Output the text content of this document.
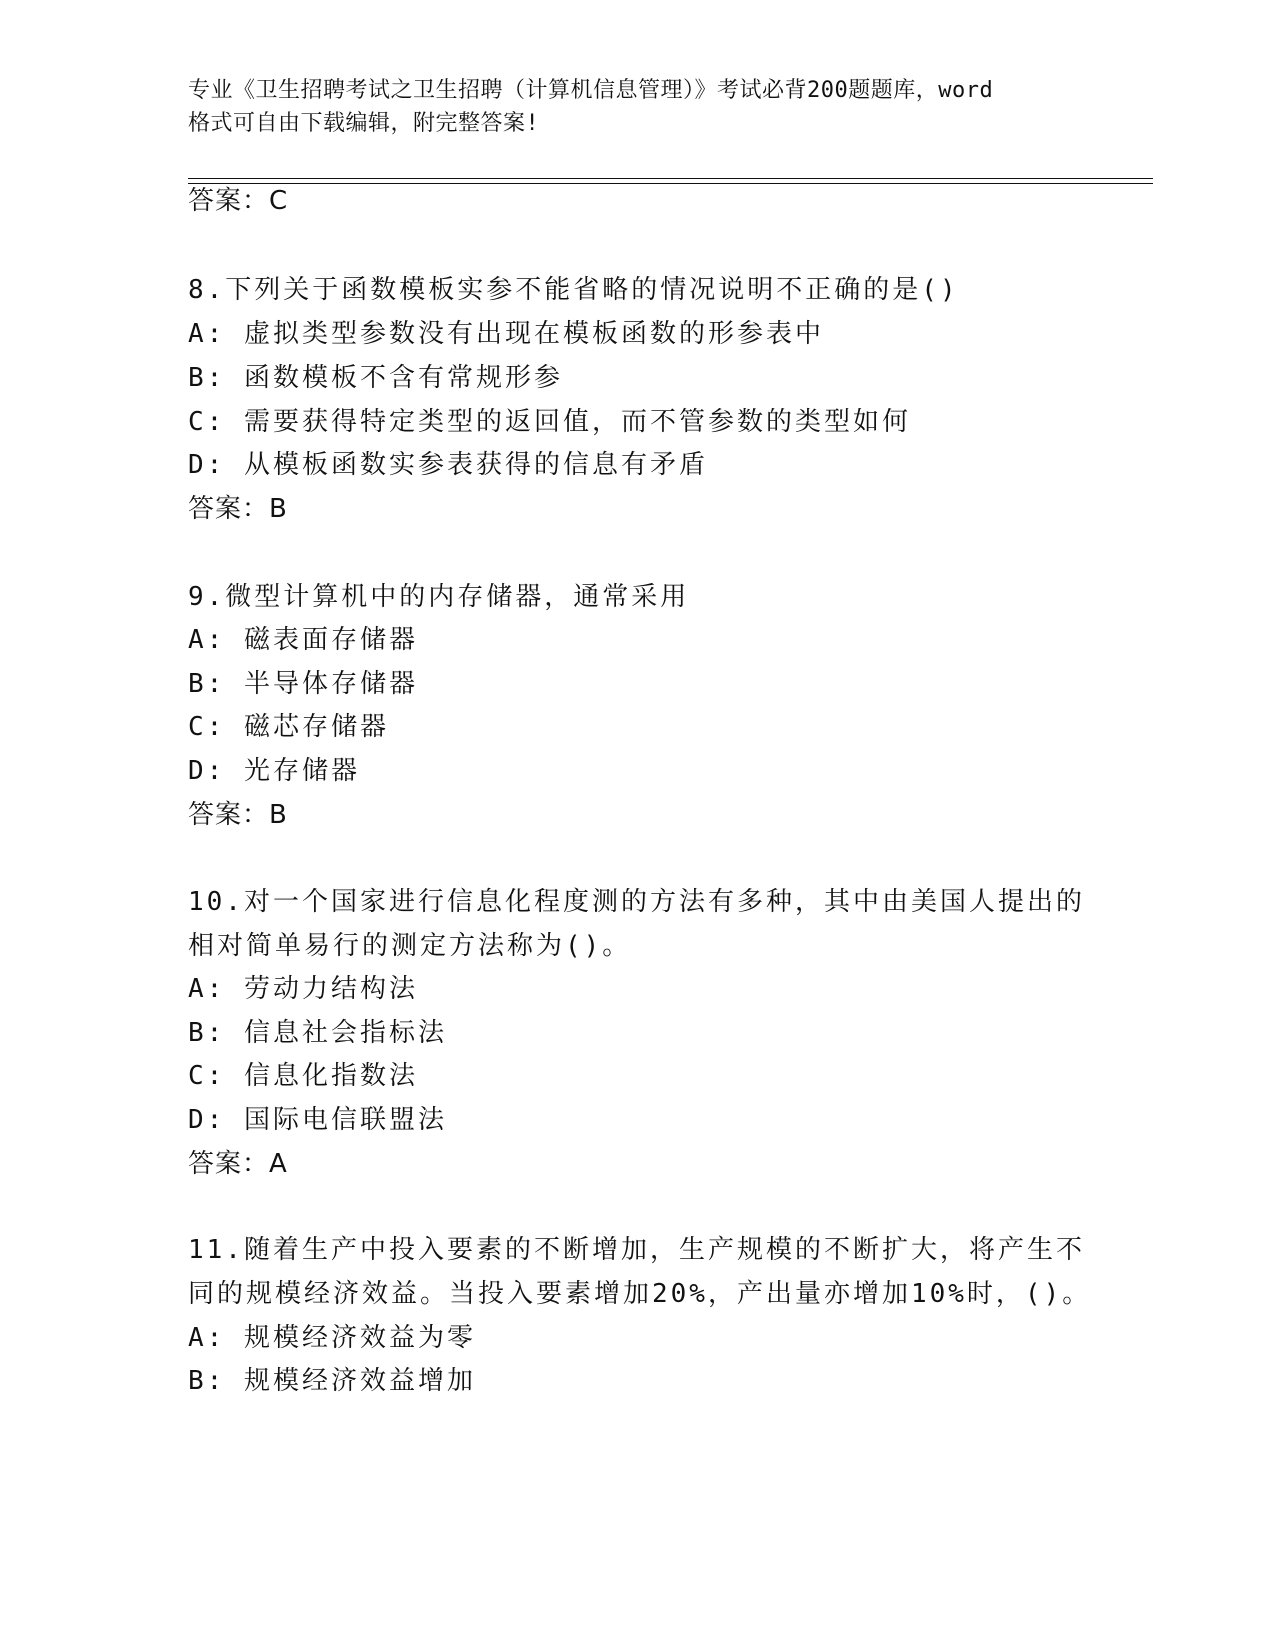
专业《卫生招聘考试之卫生招聘（计算机信息管理）》考试必背200题题库，word
格式可自由下载编辑，附完整答案!
答案：C
8.下列关于函数模板实参不能省略的情况说明不正确的是()
A: 虚拟类型参数没有出现在模板函数的形参表中
B: 函数模板不含有常规形参
C: 需要获得特定类型的返回值，而不管参数的类型如何
D: 从模板函数实参表获得的信息有矛盾
答案：B
9.微型计算机中的内存储器，通常采用
A: 磁表面存储器
B: 半导体存储器
C: 磁芯存储器
D: 光存储器
答案：B
10.对一个国家进行信息化程度测的方法有多种，其中由美国人提出的
相对简单易行的测定方法称为()。
A: 劳动力结构法
B: 信息社会指标法
C: 信息化指数法
D: 国际电信联盟法
答案：A
11.随着生产中投入要素的不断增加，生产规模的不断扩大，将产生不
同的规模经济效益。当投入要素增加20%，产出量亦增加10%时，()。
A: 规模经济效益为零
B: 规模经济效益增加
